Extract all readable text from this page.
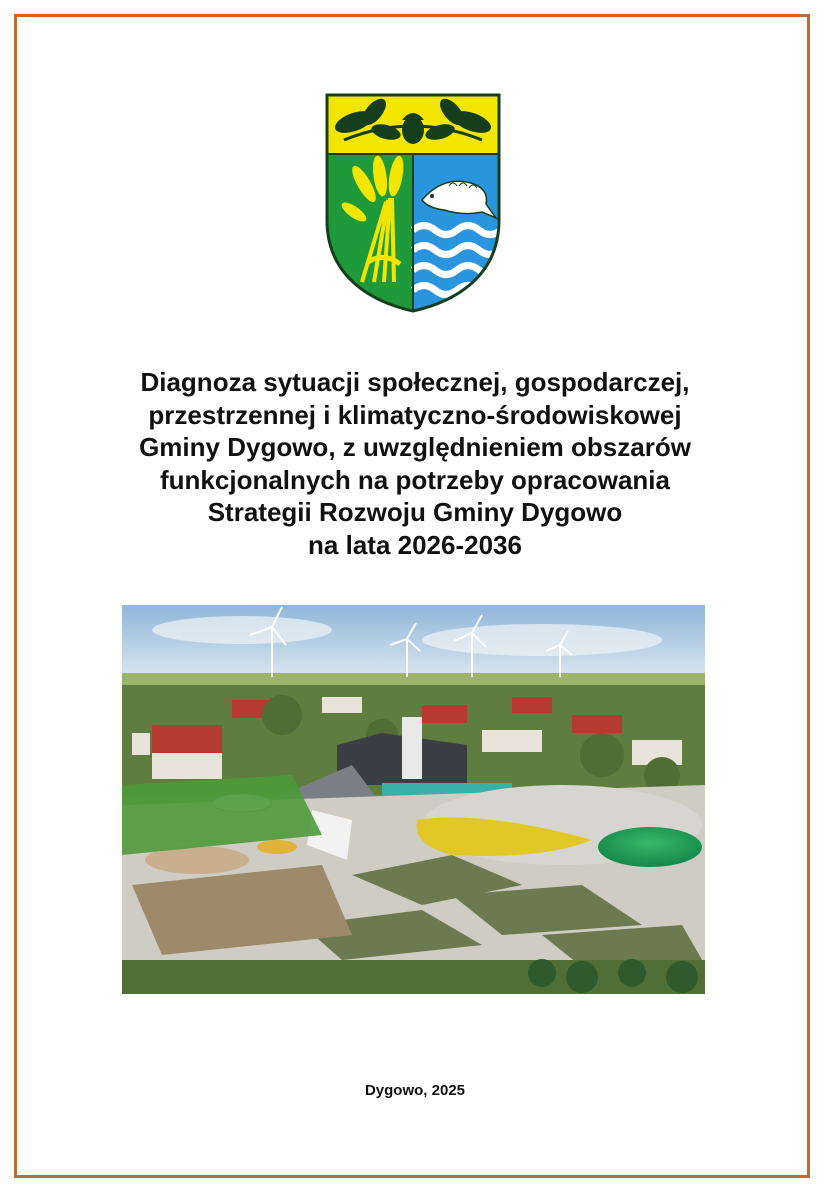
Diagnoza sytuacji społecznej, gospodarczej,
przestrzennej i klimatyczno-środowiskowej
Gminy Dygowo, z uwzględnieniem obszarów
funkcjonalnych na potrzeby opracowania
Strategii Rozwoju Gminy Dygowo
na lata 2026-2036
Dygowo, 2025
